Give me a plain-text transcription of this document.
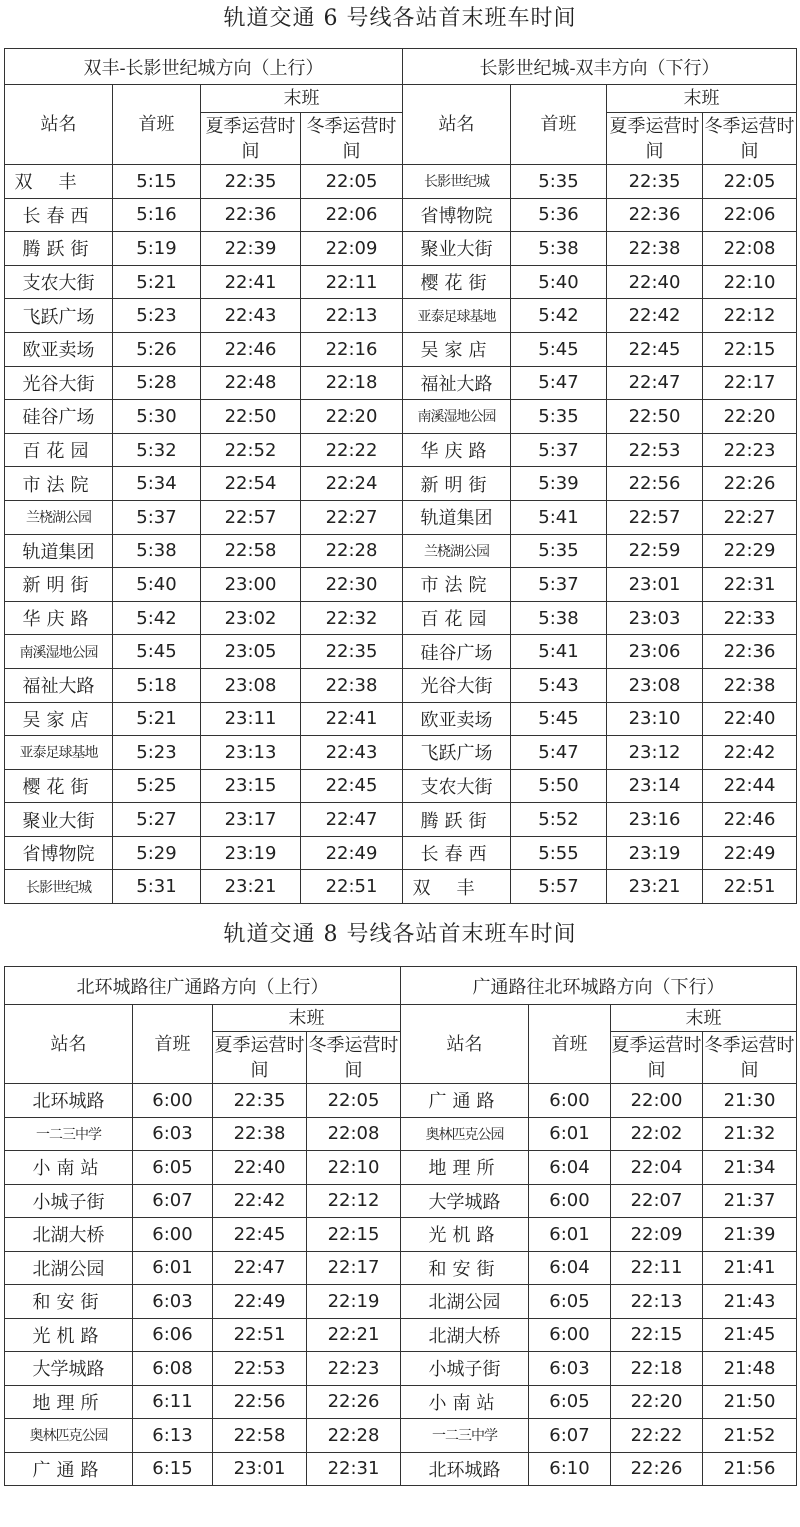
轨道交通 6 号线各站首末班车时间
双丰-长影世纪城方向（上行）				长影世纪城-双丰方向（下行）			
站名	首班	末班		站名	首班	末班	
		夏季运营时间	冬季运营时间			夏季运营时间	冬季运营时间
双丰	5:15	22:35	22:05	长影世纪城	5:35	22:35	22:05
长春西	5:16	22:36	22:06	省博物院	5:36	22:36	22:06
腾跃街	5:19	22:39	22:09	聚业大街	5:38	22:38	22:08
支农大街	5:21	22:41	22:11	樱花街	5:40	22:40	22:10
飞跃广场	5:23	22:43	22:13	亚泰足球基地	5:42	22:42	22:12
欧亚卖场	5:26	22:46	22:16	吴家店	5:45	22:45	22:15
光谷大街	5:28	22:48	22:18	福祉大路	5:47	22:47	22:17
硅谷广场	5:30	22:50	22:20	南溪湿地公园	5:35	22:50	22:20
百花园	5:32	22:52	22:22	华庆路	5:37	22:53	22:23
市法院	5:34	22:54	22:24	新明街	5:39	22:56	22:26
兰桡湖公园	5:37	22:57	22:27	轨道集团	5:41	22:57	22:27
轨道集团	5:38	22:58	22:28	兰桡湖公园	5:35	22:59	22:29
新明街	5:40	23:00	22:30	市法院	5:37	23:01	22:31
华庆路	5:42	23:02	22:32	百花园	5:38	23:03	22:33
南溪湿地公园	5:45	23:05	22:35	硅谷广场	5:41	23:06	22:36
福祉大路	5:18	23:08	22:38	光谷大街	5:43	23:08	22:38
吴家店	5:21	23:11	22:41	欧亚卖场	5:45	23:10	22:40
亚泰足球基地	5:23	23:13	22:43	飞跃广场	5:47	23:12	22:42
樱花街	5:25	23:15	22:45	支农大街	5:50	23:14	22:44
聚业大街	5:27	23:17	22:47	腾跃街	5:52	23:16	22:46
省博物院	5:29	23:19	22:49	长春西	5:55	23:19	22:49
长影世纪城	5:31	23:21	22:51	双丰	5:57	23:21	22:51
轨道交通 8 号线各站首末班车时间
北环城路往广通路方向（上行）				广通路往北环城路方向（下行）			
站名	首班	末班		站名	首班	末班	
		夏季运营时间	冬季运营时间			夏季运营时间	冬季运营时间
北环城路	6:00	22:35	22:05	广通路	6:00	22:00	21:30
一二三中学	6:03	22:38	22:08	奥林匹克公园	6:01	22:02	21:32
小南站	6:05	22:40	22:10	地理所	6:04	22:04	21:34
小城子街	6:07	22:42	22:12	大学城路	6:00	22:07	21:37
北湖大桥	6:00	22:45	22:15	光机路	6:01	22:09	21:39
北湖公园	6:01	22:47	22:17	和安街	6:04	22:11	21:41
和安街	6:03	22:49	22:19	北湖公园	6:05	22:13	21:43
光机路	6:06	22:51	22:21	北湖大桥	6:00	22:15	21:45
大学城路	6:08	22:53	22:23	小城子街	6:03	22:18	21:48
地理所	6:11	22:56	22:26	小南站	6:05	22:20	21:50
奥林匹克公园	6:13	22:58	22:28	一二三中学	6:07	22:22	21:52
广通路	6:15	23:01	22:31	北环城路	6:10	22:26	21:56
